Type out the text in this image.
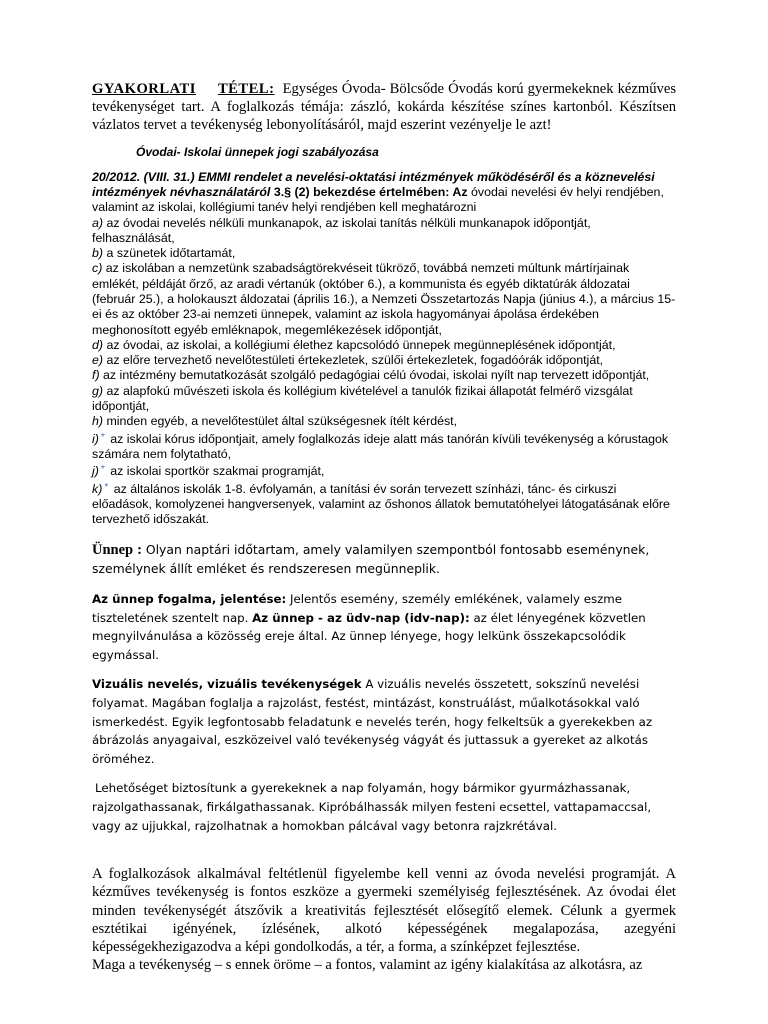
GYAKORLATI TÉTEL: Egységes Óvoda- Bölcsőde Óvodás korú gyermekeknek kézműves tevékenységet tart. A foglalkozás témája: zászló, kokárda készítése színes kartonból. Készítsen vázlatos tervet a tevékenység lebonyolításáról, majd eszerint vezényelje le azt!

Óvodai- Iskolai ünnepek jogi szabályozása

20/2012. (VIII. 31.) EMMI rendelet a nevelési-oktatási intézmények működéséről és a köznevelési intézmények névhasználatáról 3.§ (2) bekezdése értelmében: Az óvodai nevelési év helyi rendjében, valamint az iskolai, kollégiumi tanév helyi rendjében kell meghatározni
a) az óvodai nevelés nélküli munkanapok, az iskolai tanítás nélküli munkanapok időpontját, felhasználását,
b) a szünetek időtartamát,
c) az iskolában a nemzetünk szabadságtörekvéseit tükröző, továbbá nemzeti múltunk mártírjainak emlékét, példáját őrző, az aradi vértanúk (október 6.), a kommunista és egyéb diktatúrák áldozatai (február 25.), a holokauszt áldozatai (április 16.), a Nemzeti Összetartozás Napja (június 4.), a március 15-ei és az október 23-ai nemzeti ünnepek, valamint az iskola hagyományai ápolása érdekében meghonosított egyéb emléknapok, megemlékezések időpontját,
d) az óvodai, az iskolai, a kollégiumi élethez kapcsolódó ünnepek megünneplésének időpontját,
e) az előre tervezhető nevelőtestületi értekezletek, szülői értekezletek, fogadóórák időpontját,
f) az intézmény bemutatkozását szolgáló pedagógiai célú óvodai, iskolai nyílt nap tervezett időpontját,
g) az alapfokú művészeti iskola és kollégium kivételével a tanulók fizikai állapotát felmérő vizsgálat időpontját,
h) minden egyéb, a nevelőtestület által szükségesnek ítélt kérdést,
i) * az iskolai kórus időpontjait, amely foglalkozás ideje alatt más tanórán kívüli tevékenység a kórustagok számára nem folytatható,
j) * az iskolai sportkör szakmai programját,
k) * az általános iskolák 1-8. évfolyamán, a tanítási év során tervezett színházi, tánc- és cirkuszi előadások, komolyzenei hangversenyek, valamint az őshonos állatok bemutatóhelyei látogatásának előre tervezhető időszakát.

Ünnep : Olyan naptári időtartam, amely valamilyen szempontból fontosabb eseménynek, személynek állít emléket és rendszeresen megünneplik.

Az ünnep fogalma, jelentése: Jelentős esemény, személy emlékének, valamely eszme tiszteletének szentelt nap. Az ünnep - az üdv-nap (idv-nap): az élet lényegének közvetlen megnyilvánulása a közösség ereje által. Az ünnep lényege, hogy lelkünk összekapcsolódik egymással.

Vizuális nevelés, vizuális tevékenységek A vizuális nevelés összetett, sokszínű nevelési folyamat. Magában foglalja a rajzolást, festést, mintázást, konstruálást, műalkotásokkal való ismerkedést. Egyik legfontosabb feladatunk e nevelés terén, hogy felkeltsük a gyerekekben az ábrázolás anyagaival, eszközeivel való tevékenység vágyát és juttassuk a gyereket az alkotás öröméhez.

Lehetőséget biztosítunk a gyerekeknek a nap folyamán, hogy bármikor gyurmázhassanak, rajzolgathassanak, firkálgathassanak. Kipróbálhassák milyen festeni ecsettel, vattapamaccsal, vagy az ujjukkal, rajzolhatnak a homokban pálcával vagy betonra rajzkrétával.

A foglalkozások alkalmával feltétlenül figyelembe kell venni az óvoda nevelési programját. A kézműves tevékenység is fontos eszköze a gyermeki személyiség fejlesztésének. Az óvodai élet minden tevékenységét átszővik a kreativitás fejlesztését elősegítő elemek. Célunk a gyermek esztétikai igényének, ízlésének, alkotó képességének megalapozása, azegyéni képességekhezigazodva a képi gondolkodás, a tér, a forma, a színképzet fejlesztése.
Maga a tevékenység – s ennek öröme – a fontos, valamint az igény kialakítása az alkotásra, az
